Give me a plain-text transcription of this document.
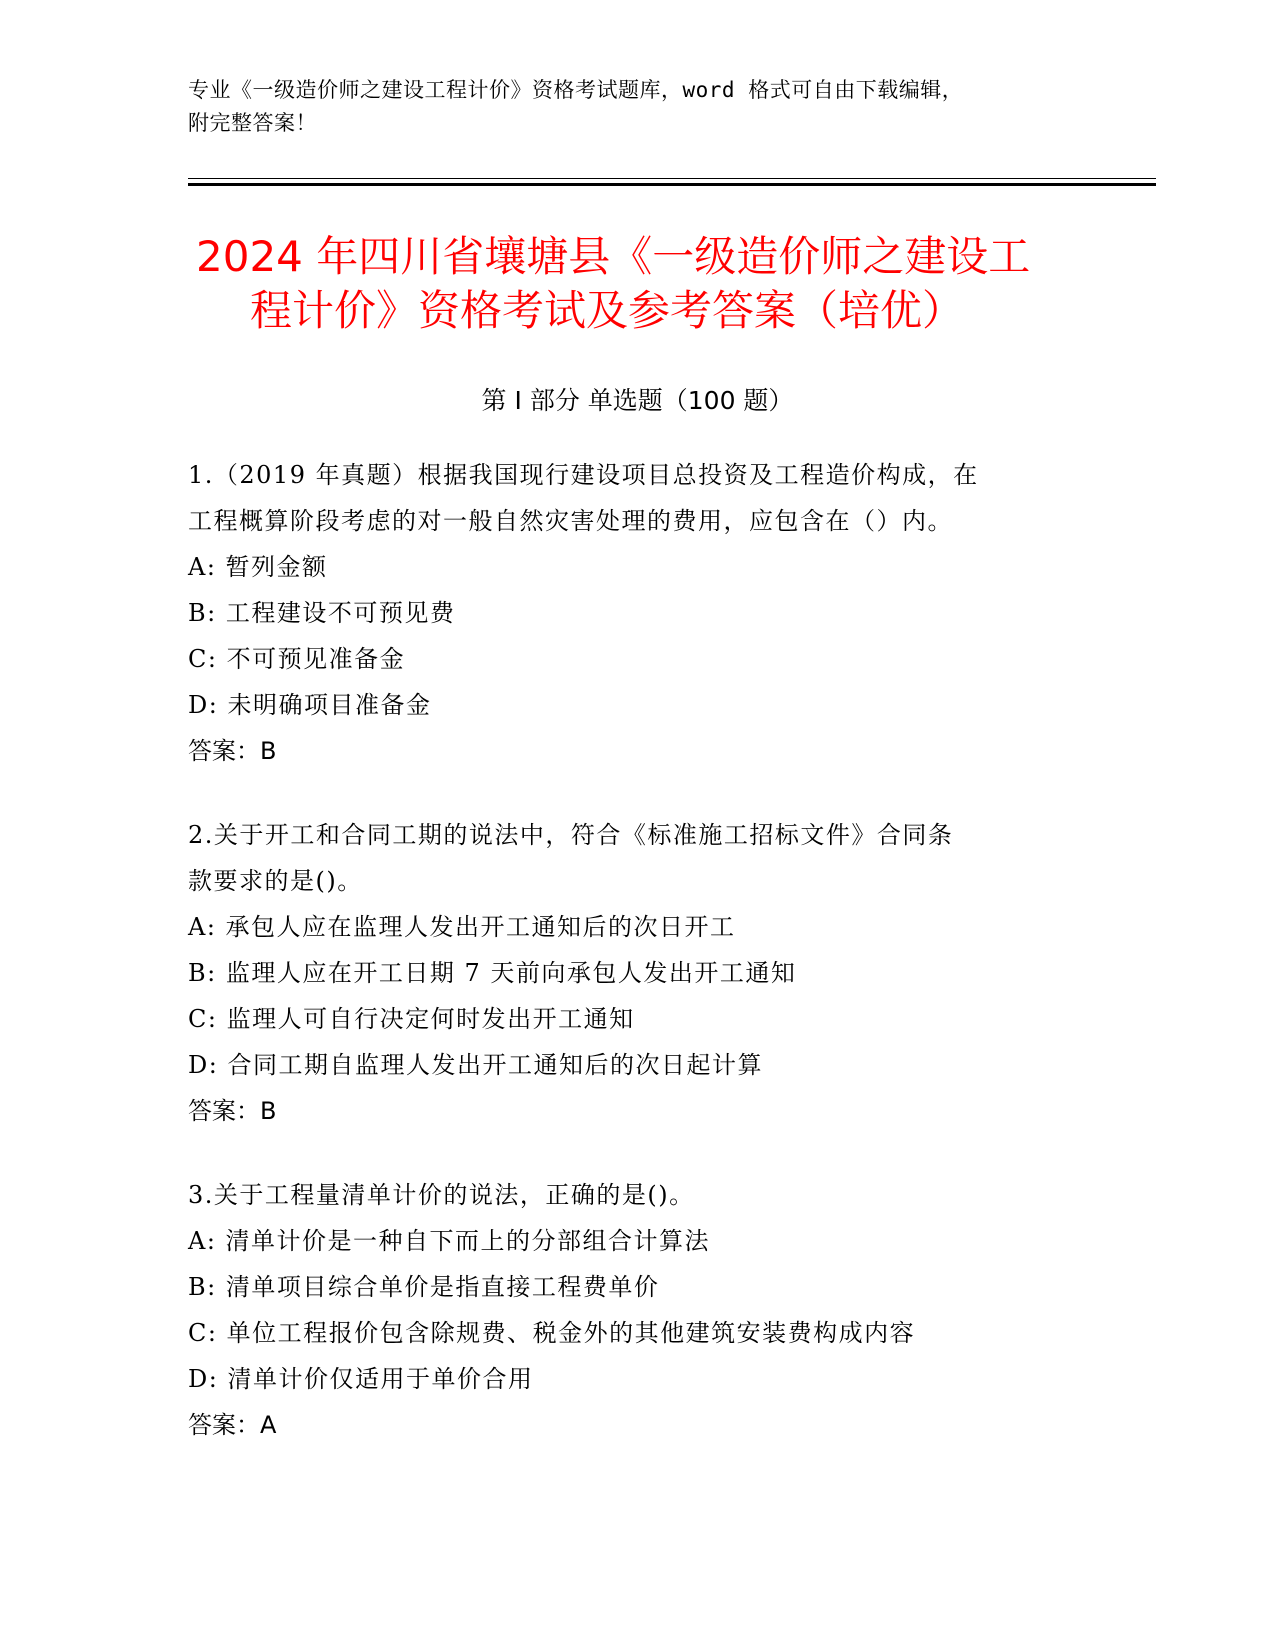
专业《一级造价师之建设工程计价》资格考试题库，word 格式可自由下载编辑，
附完整答案！
2024 年四川省壤塘县《一级造价师之建设工
程计价》资格考试及参考答案（培优）
第 I 部分 单选题（100 题）
1.（2019 年真题）根据我国现行建设项目总投资及工程造价构成，在
工程概算阶段考虑的对一般自然灾害处理的费用，应包含在（）内。
A: 暂列金额
B: 工程建设不可预见费
C: 不可预见准备金
D: 未明确项目准备金
答案：B
2.关于开工和合同工期的说法中，符合《标准施工招标文件》合同条
款要求的是()。
A: 承包人应在监理人发出开工通知后的次日开工
B: 监理人应在开工日期 7 天前向承包人发出开工通知
C: 监理人可自行决定何时发出开工通知
D: 合同工期自监理人发出开工通知后的次日起计算
答案：B
3.关于工程量清单计价的说法，正确的是()。
A: 清单计价是一种自下而上的分部组合计算法
B: 清单项目综合单价是指直接工程费单价
C: 单位工程报价包含除规费、税金外的其他建筑安装费构成内容
D: 清单计价仅适用于单价合用
答案：A
